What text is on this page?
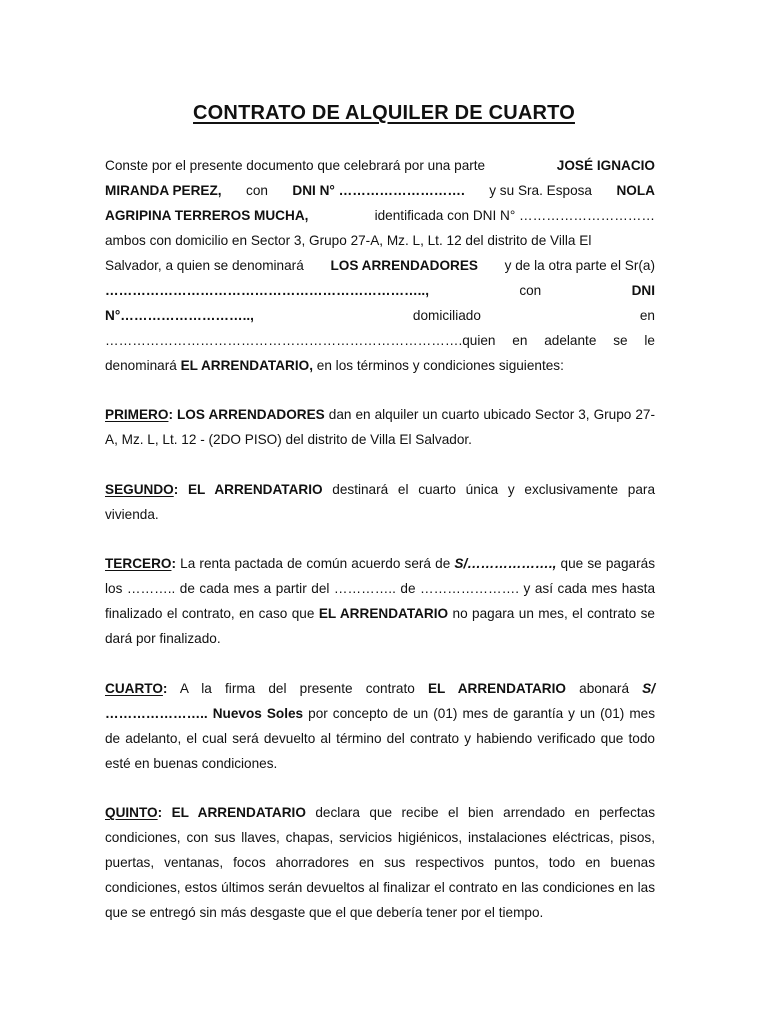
CONTRATO DE ALQUILER DE CUARTO
Conste por el presente documento que celebrará por una parte	JOSÉ IGNACIO
MIRANDA PEREZ, con DNI N° ………………………. y su Sra. Esposa NOLA
AGRIPINA TERREROS MUCHA,	identificada con DNI N° …………………………
ambos con domicilio en Sector 3, Grupo 27-A, Mz. L, Lt. 12 del distrito de Villa El
Salvador, a quien se denominará LOS ARRENDADORES y de la otra parte el Sr(a)
……………………………………………………………..,	con	DNI
N°………………………..,	domiciliado	en
…………………………………………………………………….quien en adelante se le
denominará EL ARRENDATARIO, en los términos y condiciones siguientes:

PRIMERO: LOS ARRENDADORES dan en alquiler un cuarto ubicado Sector 3, Grupo 27-A, Mz. L, Lt. 12 - (2DO PISO) del distrito de Villa El Salvador.

SEGUNDO: EL ARRENDATARIO destinará el cuarto única y exclusivamente para vivienda.

TERCERO: La renta pactada de común acuerdo será de S/………………., que se pagarás los ……….. de cada mes a partir del ………….. de …………………. y así cada mes hasta finalizado el contrato, en caso que EL ARRENDATARIO no pagara un mes, el contrato se dará por finalizado.

CUARTO: A la firma del presente contrato EL ARRENDATARIO abonará S/ ………………….. Nuevos Soles por concepto de un (01) mes de garantía y un (01) mes de adelanto, el cual será devuelto al término del contrato y habiendo verificado que todo esté en buenas condiciones.

QUINTO: EL ARRENDATARIO declara que recibe el bien arrendado en perfectas condiciones, con sus llaves, chapas, servicios higiénicos, instalaciones eléctricas, pisos, puertas, ventanas, focos ahorradores en sus respectivos puntos, todo en buenas condiciones, estos últimos serán devueltos al finalizar el contrato en las condiciones en las que se entregó sin más desgaste que el que debería tener por el tiempo.
